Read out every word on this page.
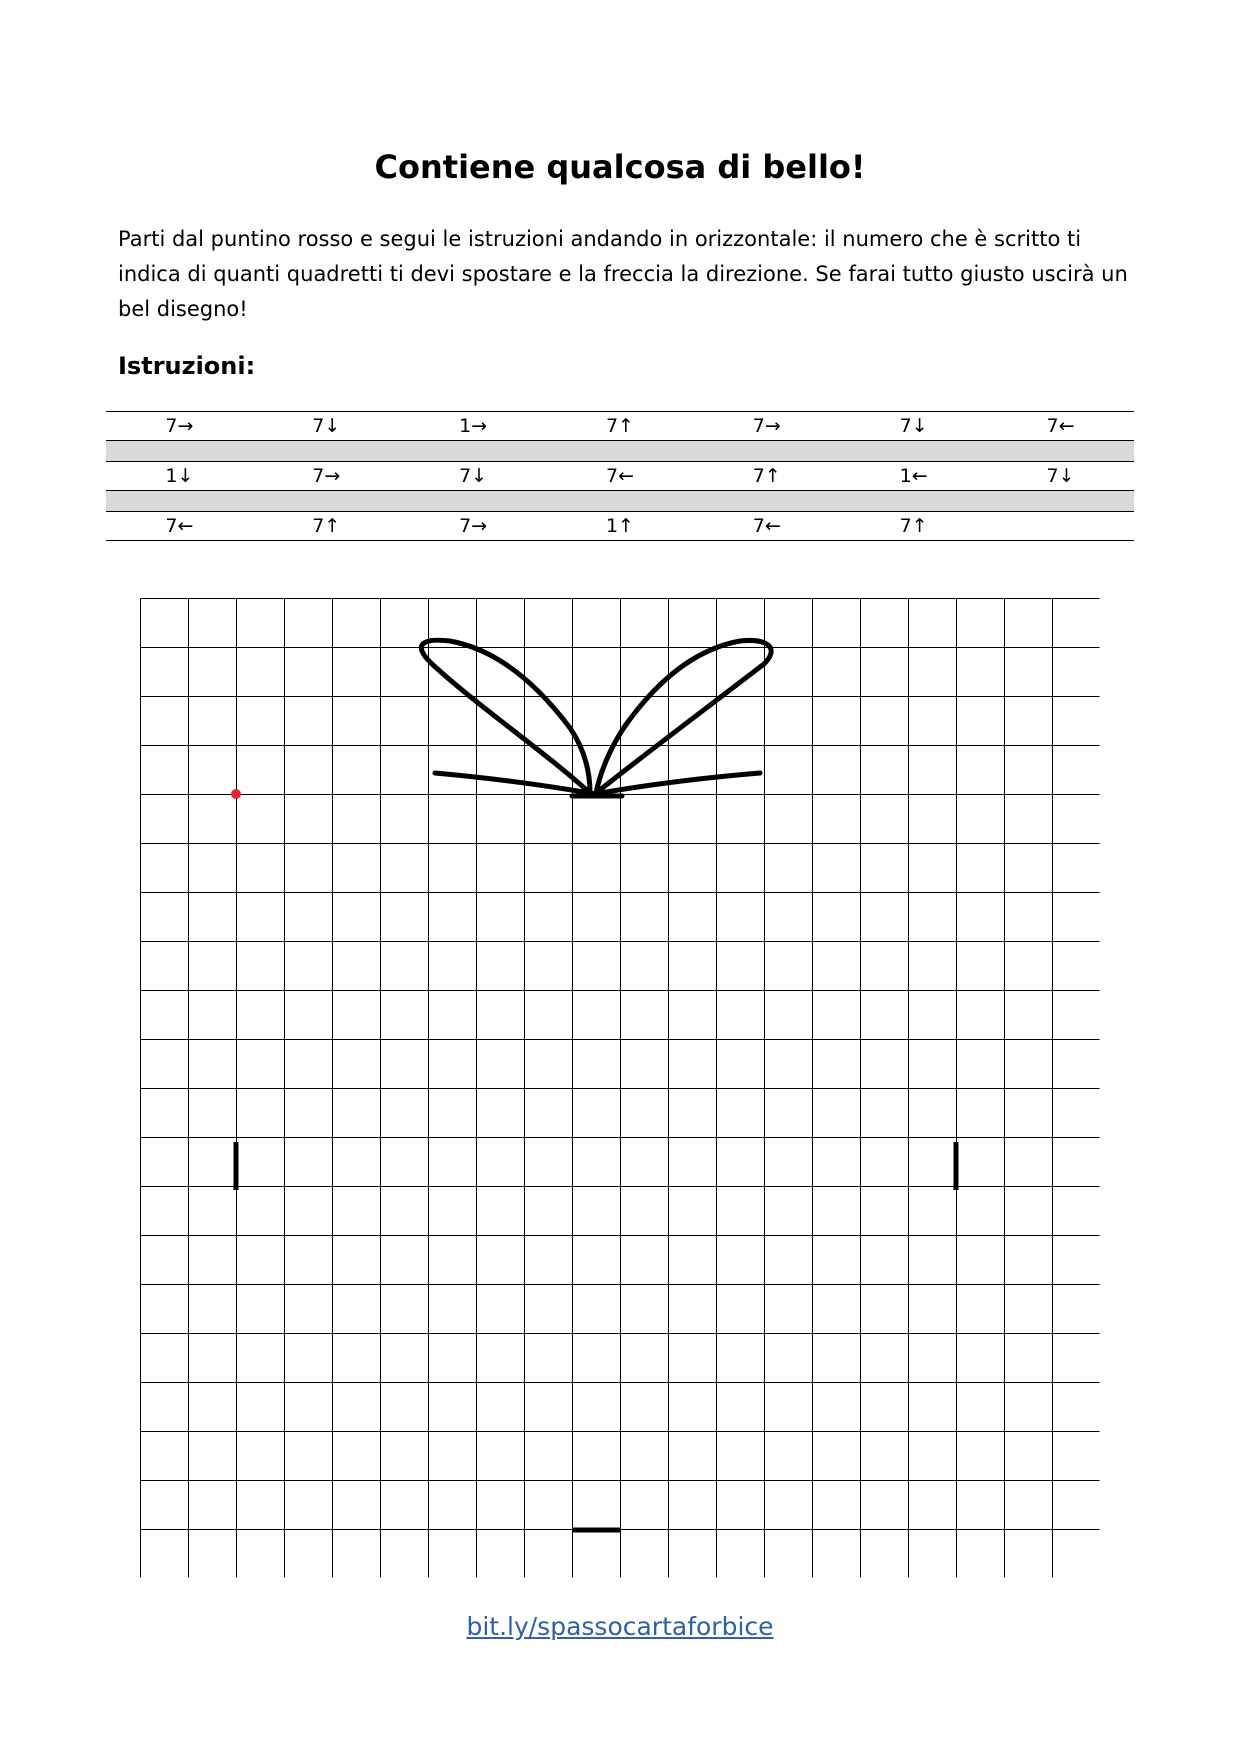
Contiene qualcosa di bello!
Parti dal puntino rosso e segui le istruzioni andando in orizzontale: il numero che è scritto ti indica di quanti quadretti ti devi spostare e la freccia la direzione. Se farai tutto giusto uscirà un bel disegno!
Istruzioni:
7→	7↓	1→	7↑	7→	7↓	7←

1↓	7→	7↓	7←	7↑	1←	7↓

7←	7↑	7→	1↑	7←	7↑	
bit.ly/spassocartaforbice
